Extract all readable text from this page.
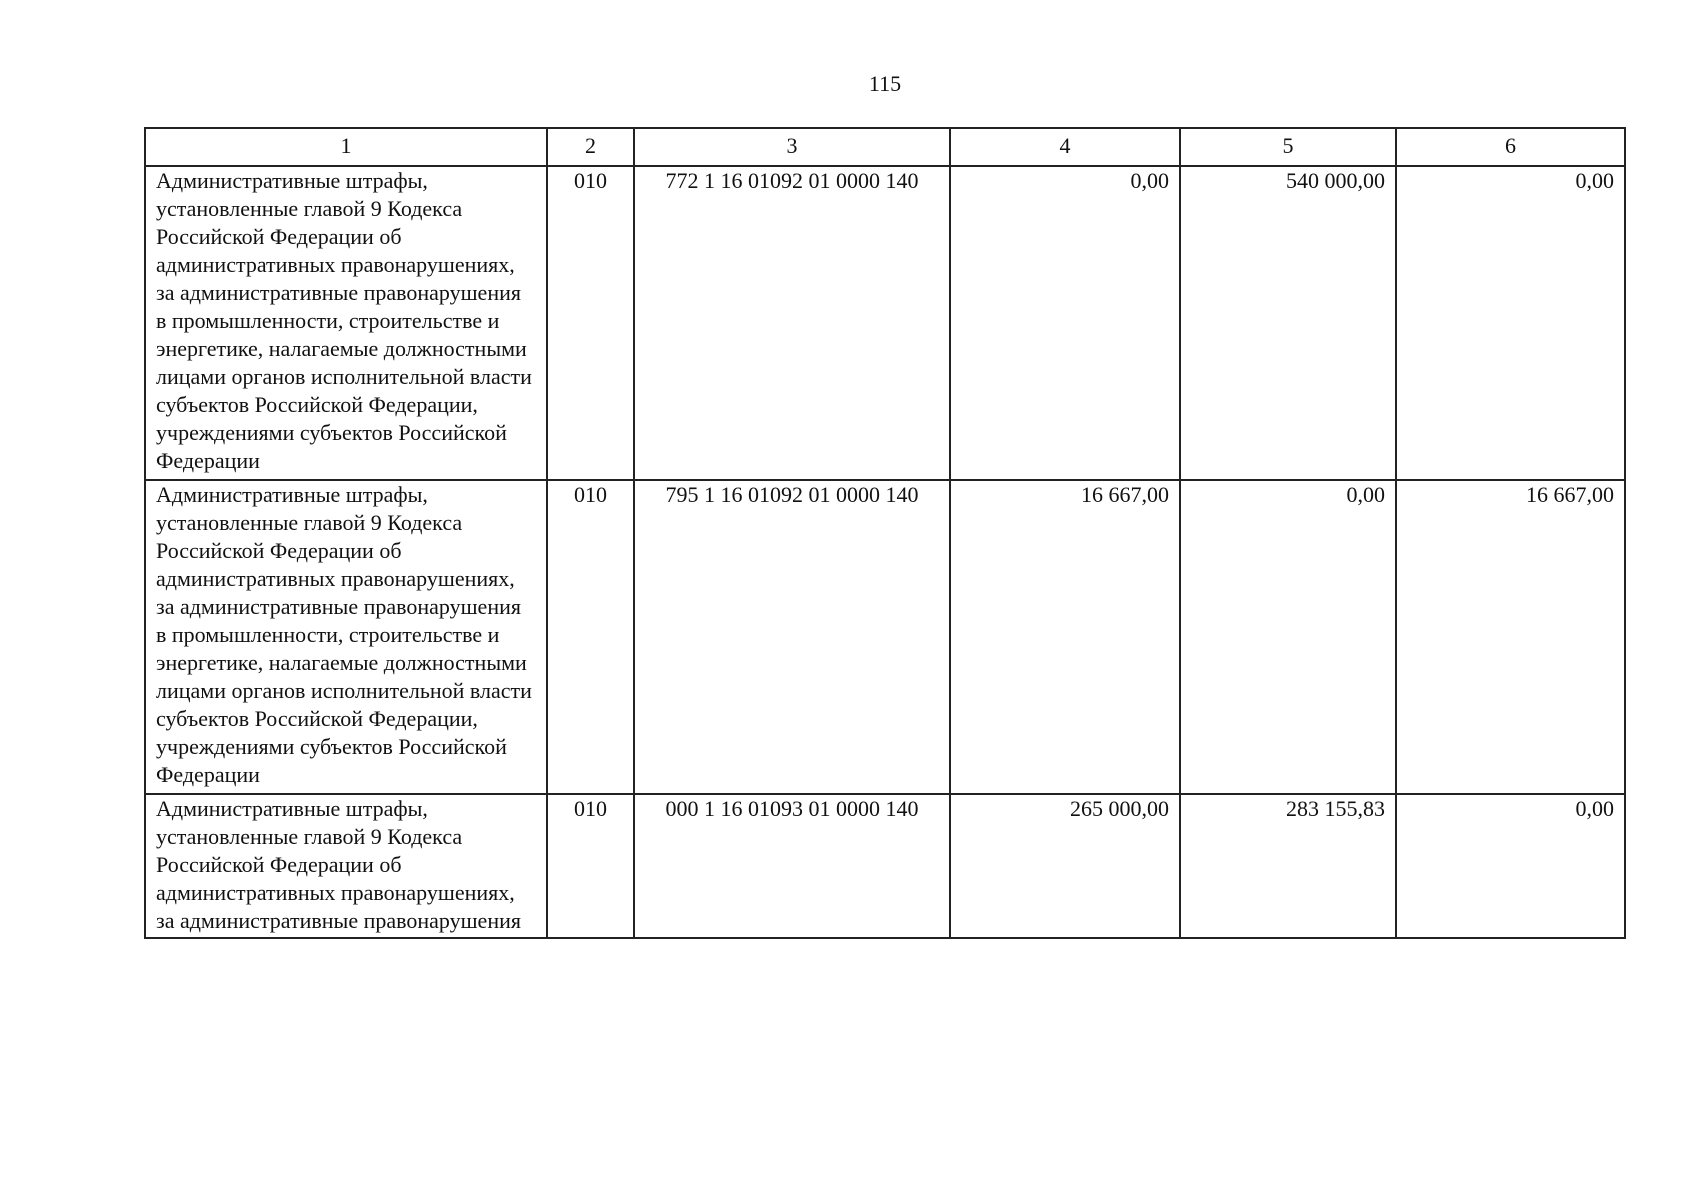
115
1	2	3	4	5	6
Административные штрафы, установленные главой 9 Кодекса Российской Федерации об административных правонарушениях, за административные правонарушения в промышленности, строительстве и энергетике, налагаемые должностными лицами органов исполнительной власти субъектов Российской Федерации, учреждениями субъектов Российской Федерации	010	772 1 16 01092 01 0000 140	0,00	540 000,00	0,00
Административные штрафы, установленные главой 9 Кодекса Российской Федерации об административных правонарушениях, за административные правонарушения в промышленности, строительстве и энергетике, налагаемые должностными лицами органов исполнительной власти субъектов Российской Федерации, учреждениями субъектов Российской Федерации	010	795 1 16 01092 01 0000 140	16 667,00	0,00	16 667,00
Административные штрафы, установленные главой 9 Кодекса Российской Федерации об административных правонарушениях, за административные правонарушения	010	000 1 16 01093 01 0000 140	265 000,00	283 155,83	0,00
